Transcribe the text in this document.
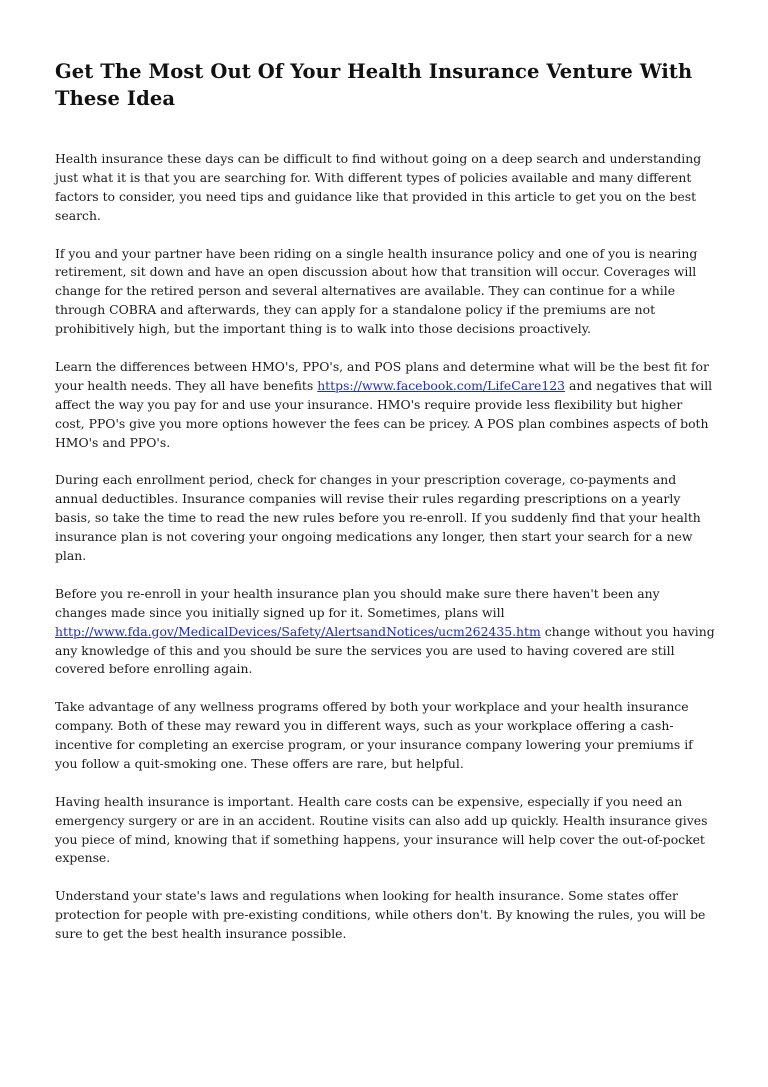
Get The Most Out Of Your Health Insurance Venture With These Idea

Health insurance these days can be difficult to find without going on a deep search and understanding just what it is that you are searching for. With different types of policies available and many different factors to consider, you need tips and guidance like that provided in this article to get you on the best search.

If you and your partner have been riding on a single health insurance policy and one of you is nearing retirement, sit down and have an open discussion about how that transition will occur. Coverages will change for the retired person and several alternatives are available. They can continue for a while through COBRA and afterwards, they can apply for a standalone policy if the premiums are not prohibitively high, but the important thing is to walk into those decisions proactively.

Learn the differences between HMO's, PPO's, and POS plans and determine what will be the best fit for your health needs. They all have benefits https://www.facebook.com/LifeCare123 and negatives that will affect the way you pay for and use your insurance. HMO's require provide less flexibility but higher cost, PPO's give you more options however the fees can be pricey. A POS plan combines aspects of both HMO's and PPO's.

During each enrollment period, check for changes in your prescription coverage, co-payments and annual deductibles. Insurance companies will revise their rules regarding prescriptions on a yearly basis, so take the time to read the new rules before you re-enroll. If you suddenly find that your health insurance plan is not covering your ongoing medications any longer, then start your search for a new plan.

Before you re-enroll in your health insurance plan you should make sure there haven't been any changes made since you initially signed up for it. Sometimes, plans will http://www.fda.gov/MedicalDevices/Safety/AlertsandNotices/ucm262435.htm change without you having any knowledge of this and you should be sure the services you are used to having covered are still covered before enrolling again.

Take advantage of any wellness programs offered by both your workplace and your health insurance company. Both of these may reward you in different ways, such as your workplace offering a cash-incentive for completing an exercise program, or your insurance company lowering your premiums if you follow a quit-smoking one. These offers are rare, but helpful.

Having health insurance is important. Health care costs can be expensive, especially if you need an emergency surgery or are in an accident. Routine visits can also add up quickly. Health insurance gives you piece of mind, knowing that if something happens, your insurance will help cover the out-of-pocket expense.

Understand your state's laws and regulations when looking for health insurance. Some states offer protection for people with pre-existing conditions, while others don't. By knowing the rules, you will be sure to get the best health insurance possible.
